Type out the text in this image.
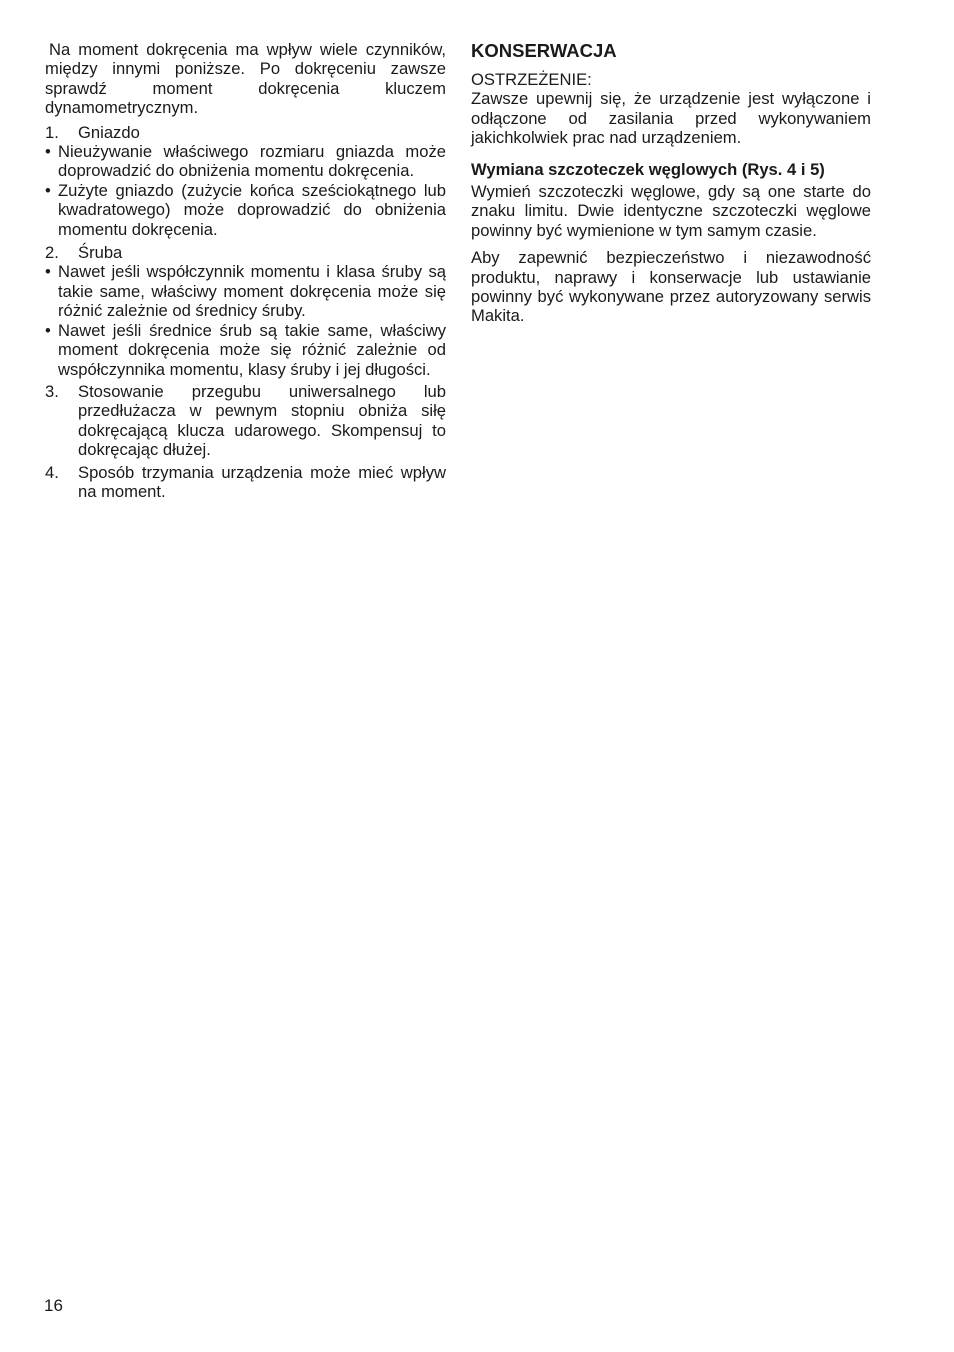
Na moment dokręcenia ma wpływ wiele czynników, między innymi poniższe. Po dokręceniu zawsze sprawdź moment dokręcenia kluczem dynamometrycznym.

1.	Gniazdo
• Nieużywanie właściwego rozmiaru gniazda może doprowadzić do obniżenia momentu dokręcenia.
• Zużyte gniazdo (zużycie końca sześciokątnego lub kwadratowego) może doprowadzić do obniżenia momentu dokręcenia.
2.	Śruba
• Nawet jeśli współczynnik momentu i klasa śruby są takie same, właściwy moment dokręcenia może się różnić zależnie od średnicy śruby.
• Nawet jeśli średnice śrub są takie same, właściwy moment dokręcenia może się różnić zależnie od współczynnika momentu, klasy śruby i jej długości.
3.	Stosowanie przegubu uniwersalnego lub przedłużacza w pewnym stopniu obniża siłę dokręcającą klucza udarowego. Skompensuj to dokręcając dłużej.
4.	Sposób trzymania urządzenia może mieć wpływ na moment.
KONSERWACJA

OSTRZEŻENIE:

Zawsze upewnij się, że urządzenie jest wyłączone i odłączone od zasilania przed wykonywaniem jakichkolwiek prac nad urządzeniem.

Wymiana szczoteczek węglowych (Rys. 4 i 5)

Wymień szczoteczki węglowe, gdy są one starte do znaku limitu. Dwie identyczne szczoteczki węglowe powinny być wymienione w tym samym czasie.

Aby zapewnić bezpieczeństwo i niezawodność produktu, naprawy i konserwacje lub ustawianie powinny być wykonywane przez autoryzowany serwis Makita.

16
